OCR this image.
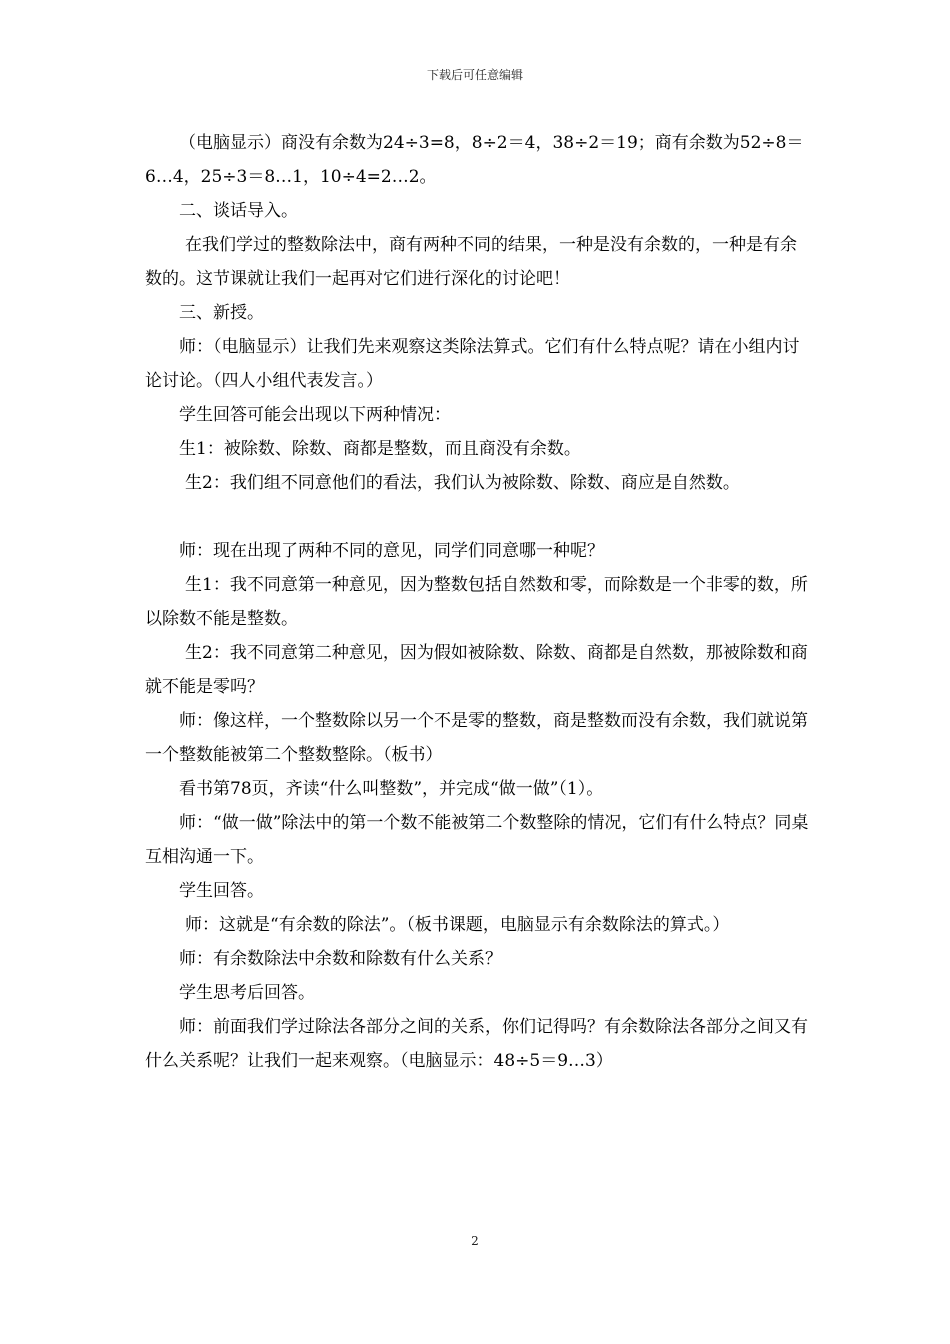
下载后可任意编辑

（电脑显示）商没有余数为24÷3=8，8÷2＝4，38÷2＝19；商有余数为52÷8＝6…4，25÷3＝8…1，10÷4=2…2。

二、谈话导入。

在我们学过的整数除法中，商有两种不同的结果，一种是没有余数的，一种是有余数的。这节课就让我们一起再对它们进行深化的讨论吧！

三、新授。

师：（电脑显示）让我们先来观察这类除法算式。它们有什么特点呢？请在小组内讨论讨论。（四人小组代表发言。）

学生回答可能会出现以下两种情况：

生1：被除数、除数、商都是整数，而且商没有余数。

生2：我们组不同意他们的看法，我们认为被除数、除数、商应是自然数。

师：现在出现了两种不同的意见，同学们同意哪一种呢？

生1：我不同意第一种意见，因为整数包括自然数和零，而除数是一个非零的数，所以除数不能是整数。

生2：我不同意第二种意见，因为假如被除数、除数、商都是自然数，那被除数和商就不能是零吗？

师：像这样，一个整数除以另一个不是零的整数，商是整数而没有余数，我们就说第一个整数能被第二个整数整除。（板书）

看书第78页，齐读“什么叫整数”，并完成“做一做”（1）。

师：“做一做”除法中的第一个数不能被第二个数整除的情况，它们有什么特点？同桌互相沟通一下。

学生回答。

师：这就是“有余数的除法”。（板书课题，电脑显示有余数除法的算式。）

师：有余数除法中余数和除数有什么关系？

学生思考后回答。

师：前面我们学过除法各部分之间的关系，你们记得吗？有余数除法各部分之间又有什么关系呢？让我们一起来观察。（电脑显示：48÷5＝9…3）

2
